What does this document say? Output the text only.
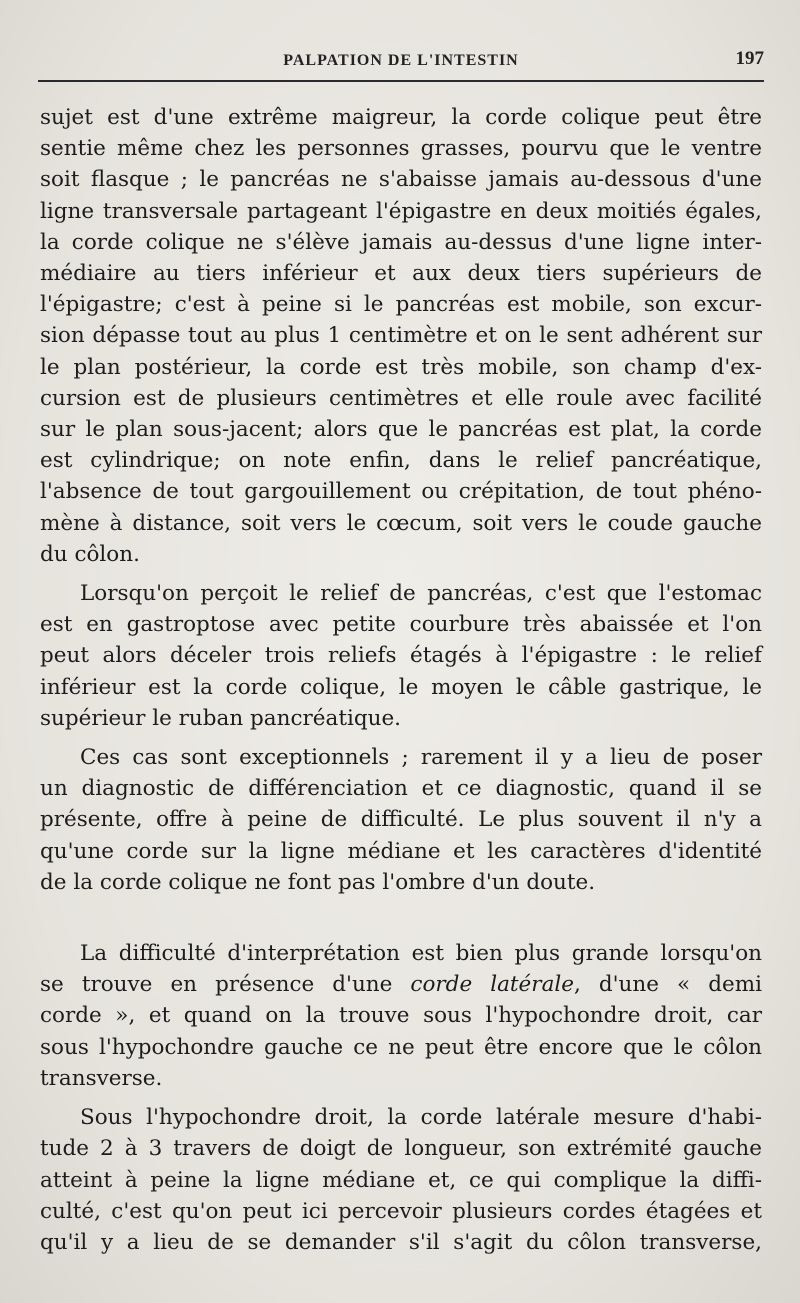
PALPATION DE L'INTESTIN	197
sujet est d'une extrême maigreur, la corde colique peut être
sentie même chez les personnes grasses, pourvu que le ventre
soit flasque ; le pancréas ne s'abaisse jamais au-dessous d'une
ligne transversale partageant l'épigastre en deux moitiés égales,
la corde colique ne s'élève jamais au-dessus d'une ligne inter-
médiaire au tiers inférieur et aux deux tiers supérieurs de
l'épigastre; c'est à peine si le pancréas est mobile, son excur-
sion dépasse tout au plus 1 centimètre et on le sent adhérent sur
le plan postérieur, la corde est très mobile, son champ d'ex-
cursion est de plusieurs centimètres et elle roule avec facilité
sur le plan sous-jacent; alors que le pancréas est plat, la corde
est cylindrique; on note enfin, dans le relief pancréatique,
l'absence de tout gargouillement ou crépitation, de tout phéno-
mène à distance, soit vers le cœcum, soit vers le coude gauche
du côlon.
Lorsqu'on perçoit le relief de pancréas, c'est que l'estomac
est en gastroptose avec petite courbure très abaissée et l'on
peut alors déceler trois reliefs étagés à l'épigastre : le relief
inférieur est la corde colique, le moyen le câble gastrique, le
supérieur le ruban pancréatique.
Ces cas sont exceptionnels ; rarement il y a lieu de poser
un diagnostic de différenciation et ce diagnostic, quand il se
présente, offre à peine de difficulté. Le plus souvent il n'y a
qu'une corde sur la ligne médiane et les caractères d'identité
de la corde colique ne font pas l'ombre d'un doute.
La difficulté d'interprétation est bien plus grande lorsqu'on
se trouve en présence d'une corde latérale, d'une « demi
corde », et quand on la trouve sous l'hypochondre droit, car
sous l'hypochondre gauche ce ne peut être encore que le côlon
transverse.
Sous l'hypochondre droit, la corde latérale mesure d'habi-
tude 2 à 3 travers de doigt de longueur, son extrémité gauche
atteint à peine la ligne médiane et, ce qui complique la diffi-
culté, c'est qu'on peut ici percevoir plusieurs cordes étagées et
qu'il y a lieu de se demander s'il s'agit du côlon transverse,
